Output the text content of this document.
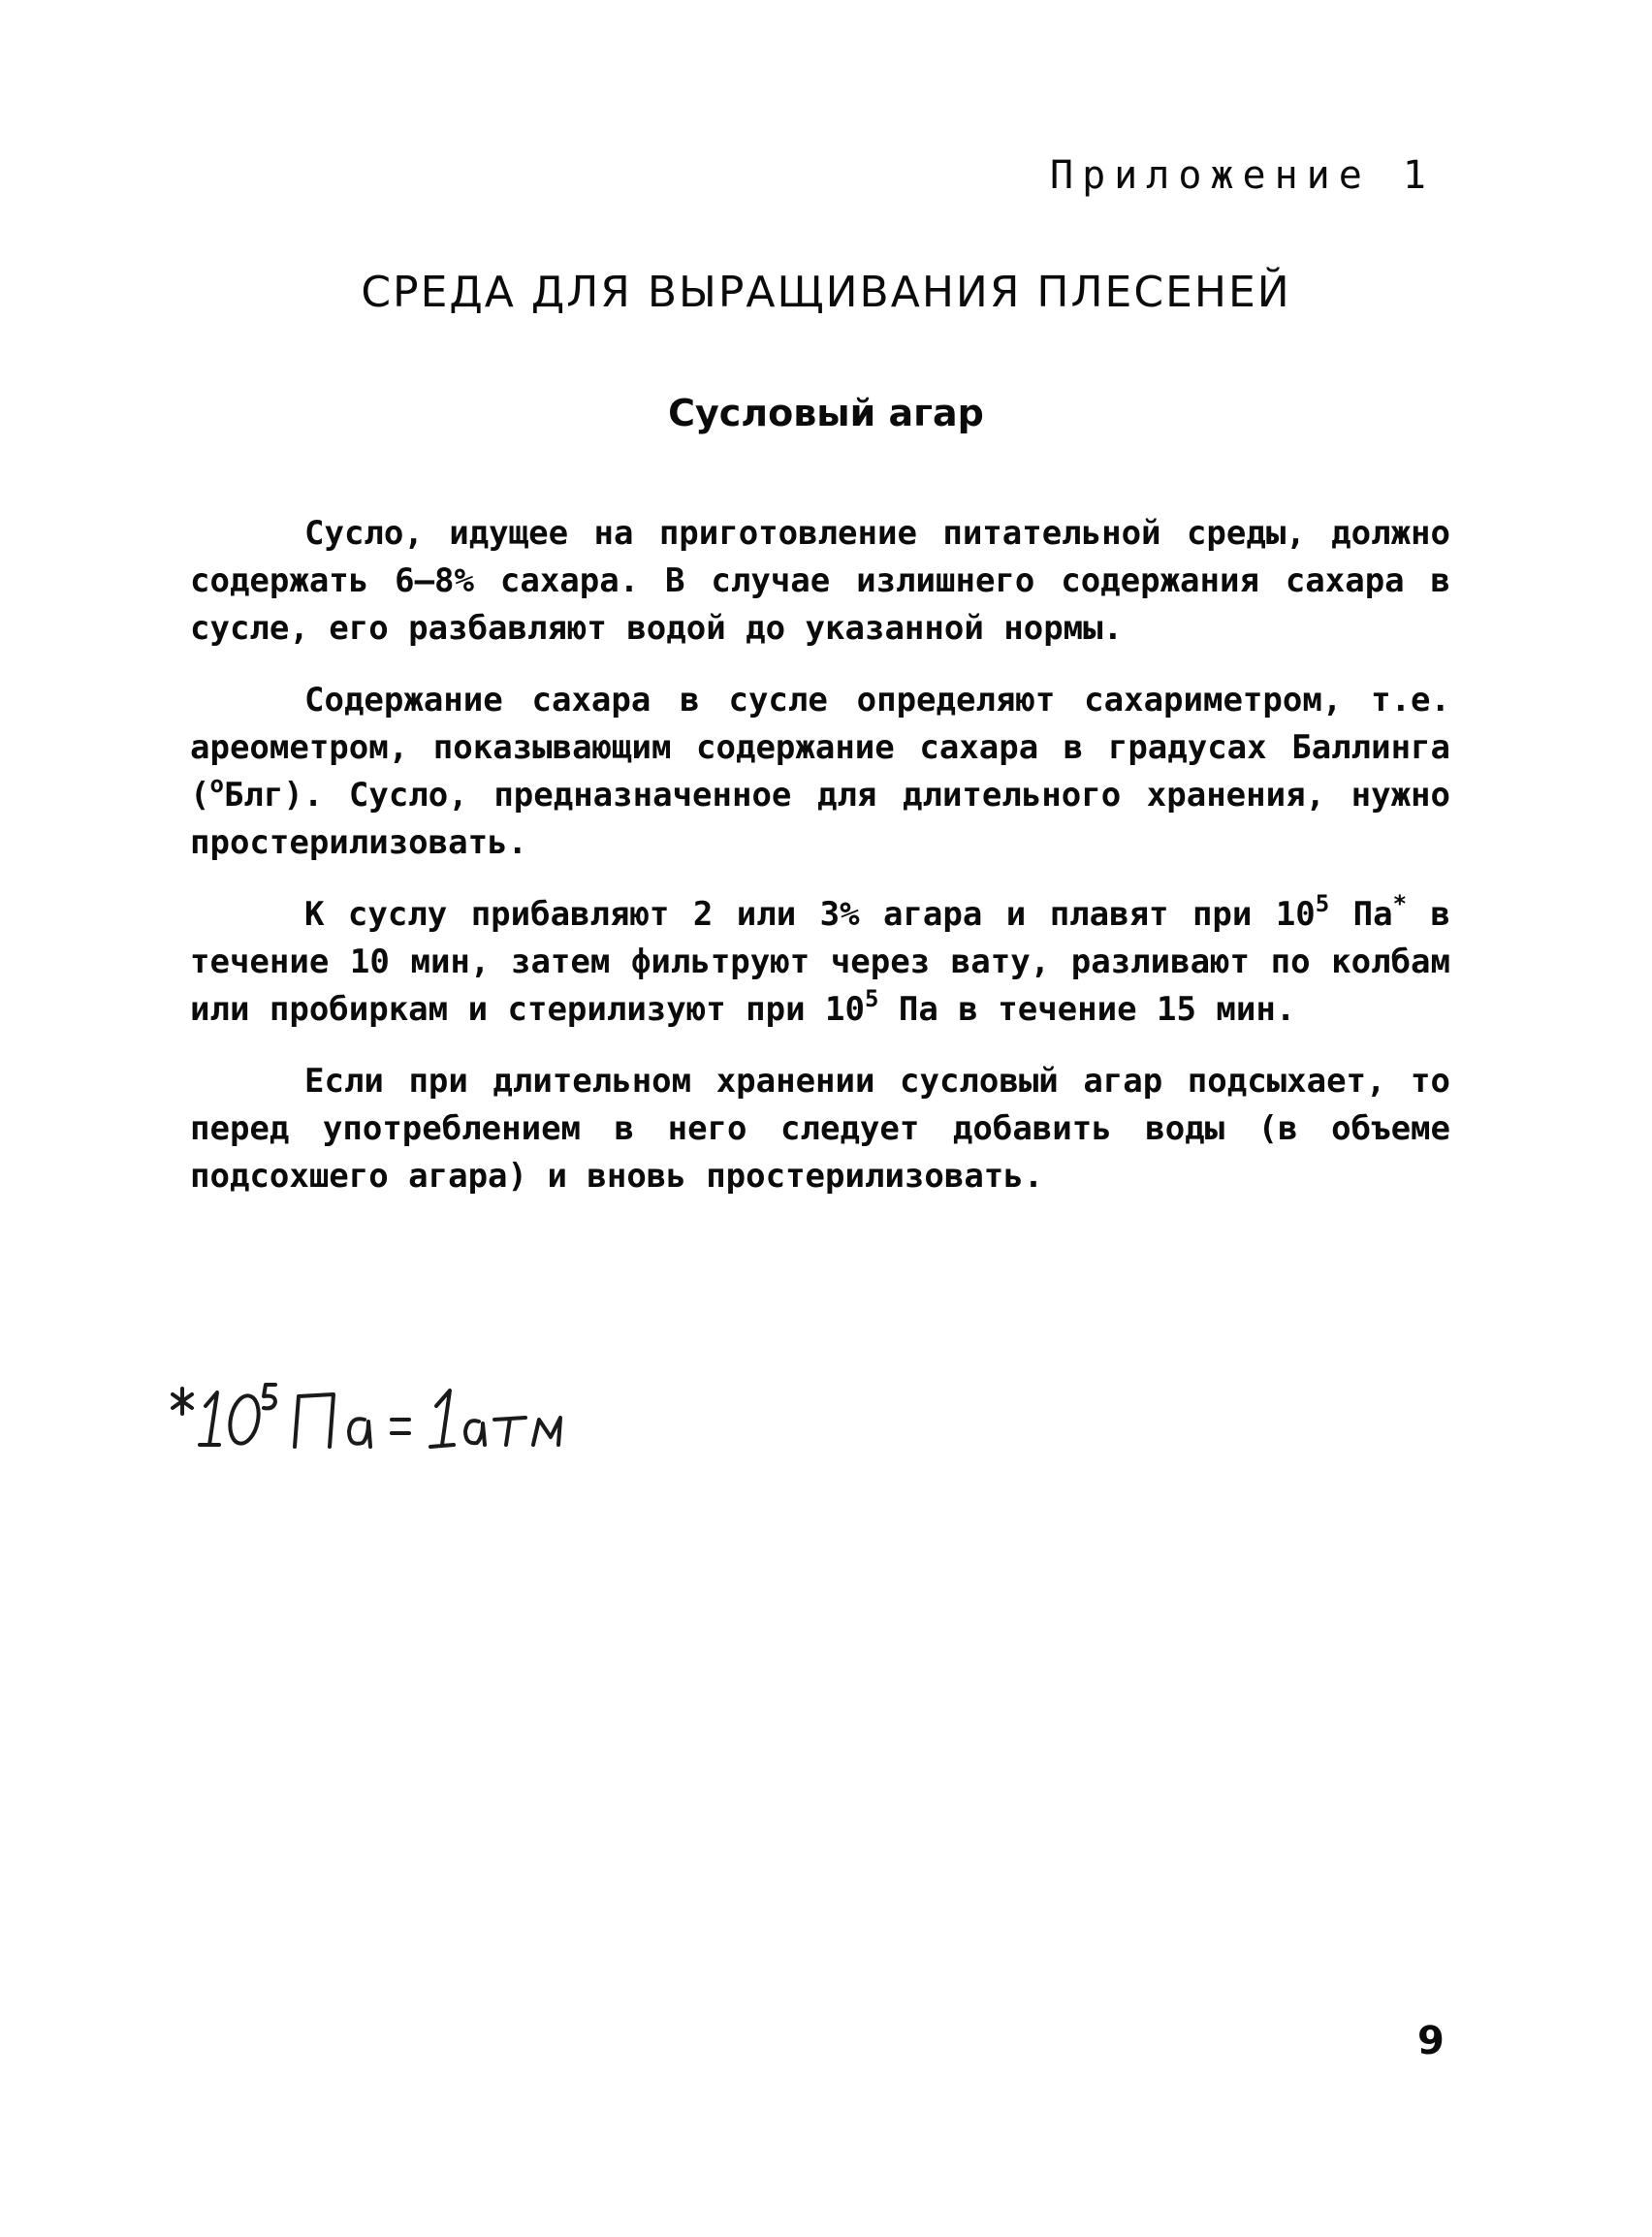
Приложение 1
СРЕДА ДЛЯ ВЫРАЩИВАНИЯ ПЛЕСЕНЕЙ
Сусловый агар

Сусло, идущее на приготовление питательной среды, должно содержать 6–8% сахара. В случае излишнего содержания сахара в сусле, его разбавляют водой до указанной нормы.

Содержание сахара в сусле определяют сахариметром, т.е. ареометром, показывающим содержание сахара в градусах Баллинга ($^о$Блг). Сусло, предназначенное для длительного хранения, нужно простерилизовать.

К суслу прибавляют 2 или 3% агара и плавят при $10^5$ Па* в течение 10 мин, затем фильтруют через вату, разливают по колбам или пробиркам и стерилизуют при $10^5$ Па в течение 15 мин.

Если при длительном хранении сусловый агар подсыхает, то перед употреблением в него следует добавить воды (в объеме подсохшего агара) и вновь простерилизовать.

9
